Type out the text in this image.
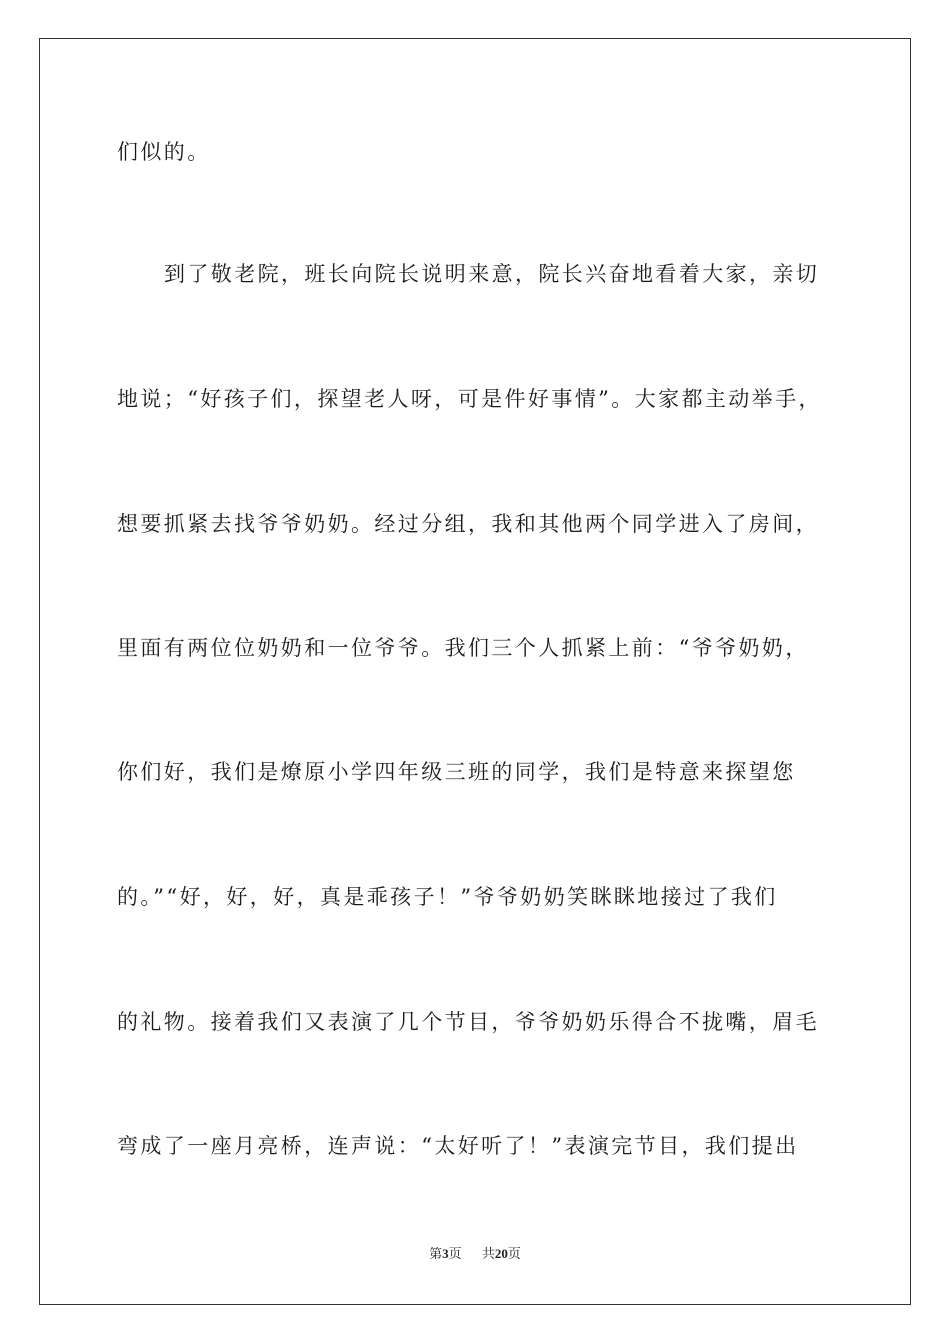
们似的。
到了敬老院，班长向院长说明来意，院长兴奋地看着大家，亲切
地说；“好孩子们，探望老人呀，可是件好事情”。大家都主动举手，
想要抓紧去找爷爷奶奶。经过分组，我和其他两个同学进入了房间，
里面有两位位奶奶和一位爷爷。我们三个人抓紧上前：“爷爷奶奶，
你们好，我们是燎原小学四年级三班的同学，我们是特意来探望您
的。”“好，好，好，真是乖孩子！”爷爷奶奶笑眯眯地接过了我们
的礼物。接着我们又表演了几个节目，爷爷奶奶乐得合不拢嘴，眉毛
弯成了一座月亮桥，连声说：“太好听了！”表演完节目，我们提出
第3页 共20页
